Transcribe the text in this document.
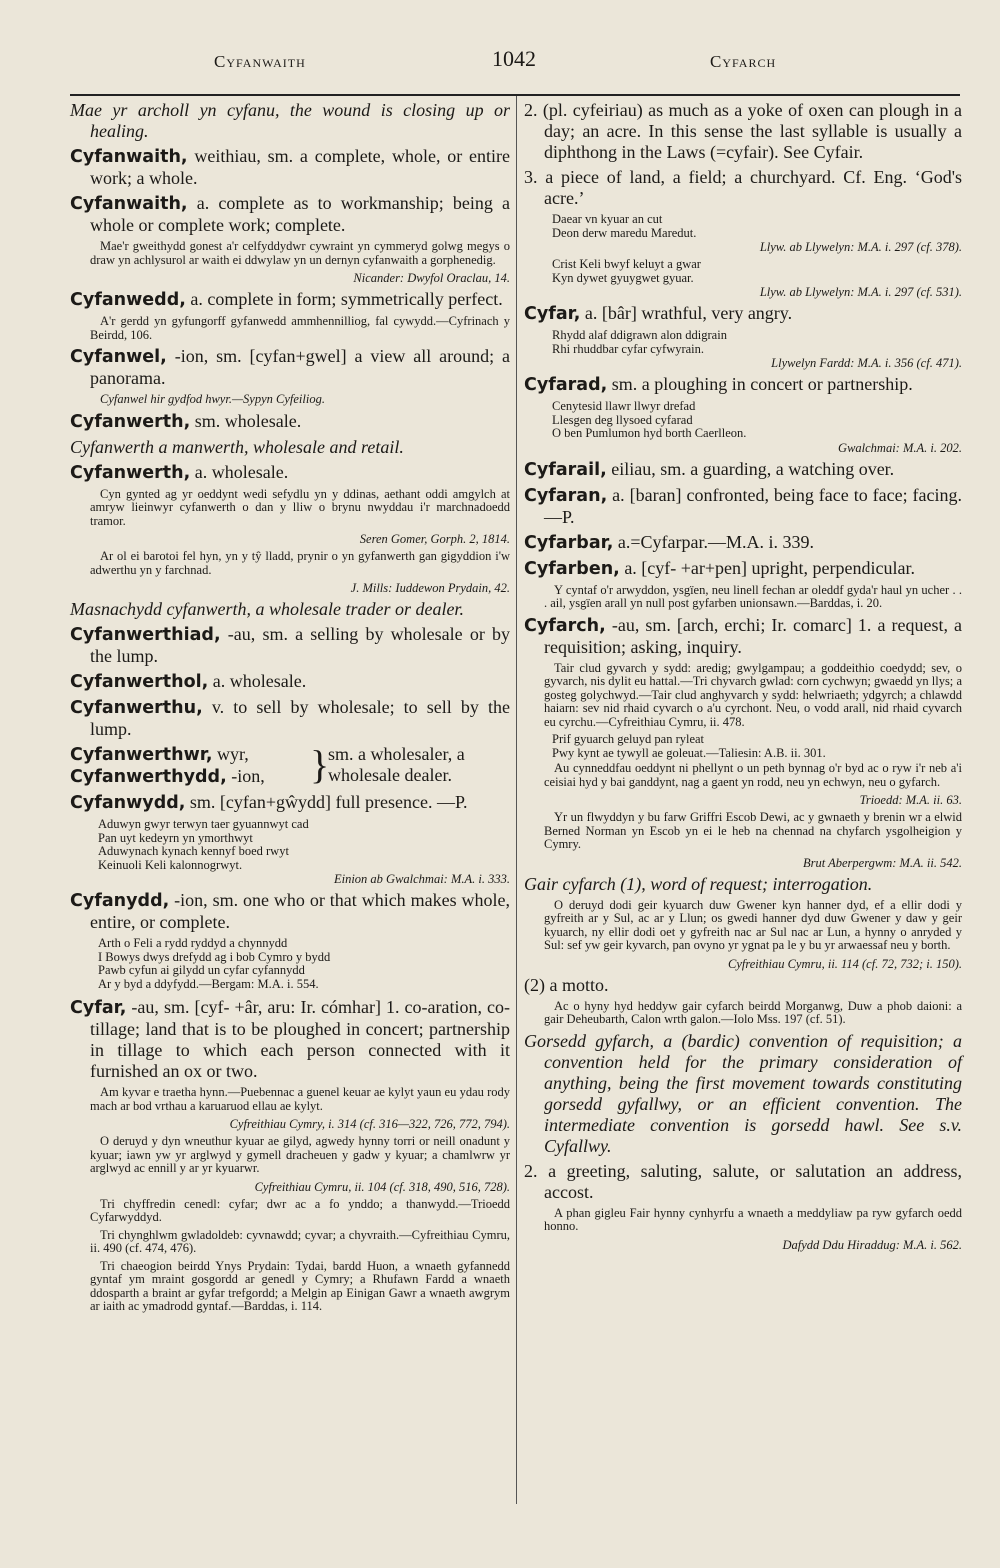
Cyfanwaith	1042	Cyfarch

Mae yr archoll yn cyfanu, the wound is closing up or healing.

Cyfanwaith, weithiau, sm. a complete, whole, or entire work; a whole.

Cyfanwaith, a. complete as to workmanship; being a whole or complete work; complete.

Mae'r gweithydd gonest a'r celfyddydwr cywraint yn cymmeryd golwg megys o draw yn achlysurol ar waith ei ddwylaw yn un dernyn cyfanwaith a gorphenedig.

Nicander: Dwyfol Oraclau, 14.

Cyfanwedd, a. complete in form; symmetrically perfect.

A'r gerdd yn gyfungorff gyfanwedd ammhennilliog, fal cywydd.—Cyfrinach y Beirdd, 106.

Cyfanwel, -ion, sm. [cyfan+gwel] a view all around; a panorama.

Cyfanwel hir gydfod hwyr.—Sypyn Cyfeiliog.

Cyfanwerth, sm. wholesale.

Cyfanwerth a manwerth, wholesale and retail.

Cyfanwerth, a. wholesale.

Cyn gynted ag yr oeddynt wedi sefydlu yn y ddinas, aethant oddi amgylch at amryw lieinwyr cyfanwerth o dan y lliw o brynu nwyddau i'r marchnadoedd tramor.

Seren Gomer, Gorph. 2, 1814.

Ar ol ei barotoi fel hyn, yn y tŷ lladd, prynir o yn gyfanwerth gan gigyddion i'w adwerthu yn y farchnad.

J. Mills: Iuddewon Prydain, 42.

Masnachydd cyfanwerth, a wholesale trader or dealer.

Cyfanwerthiad, -au, sm. a selling by wholesale or by the lump.

Cyfanwerthol, a. wholesale.

Cyfanwerthu, v. to sell by wholesale; to sell by the lump.

Cyfanwerthwr, wyr,
Cyfanwerthydd, -ion,	}
sm. a wholesaler, a wholesale dealer.

Cyfanwydd, sm. [cyfan+gŵydd] full presence. —P.

Aduwyn gwyr terwyn taer gyuannwyt cad
Pan uyt kedeyrn yn ymorthwyt
Aduwynach kynach kennyf boed rwyt
Keinuoli Keli kalonnogrwyt.

Einion ab Gwalchmai: M.A. i. 333.

Cyfanydd, -ion, sm. one who or that which makes whole, entire, or complete.

Arth o Feli a rydd ryddyd a chynnydd
I Bowys dwys drefydd ag i bob Cymro y bydd
Pawb cyfun ai gilydd un cyfar cyfannydd
Ar y byd a ddyfydd.—Bergam: M.A. i. 554.

Cyfar, -au, sm. [cyf- +âr, aru: Ir. cómhar] 1. co-aration, co-tillage; land that is to be ploughed in concert; partnership in tillage to which each person connected with it furnished an ox or two.

Am kyvar e traetha hynn.—Puebennac a guenel keuar ae kylyt yaun eu ydau rody mach ar bod vrthau a karuaruod ellau ae kylyt.

Cyfreithiau Cymry, i. 314 (cf. 316—322, 726, 772, 794).

O deruyd y dyn wneuthur kyuar ae gilyd, agwedy hynny torri or neill onadunt y kyuar; iawn yw yr arglwyd y gymell dracheuen y gadw y kyuar; a chamlwrw yr arglwyd ac ennill y ar yr kyuarwr.

Cyfreithiau Cymru, ii. 104 (cf. 318, 490, 516, 728).

Tri chyffredin cenedl: cyfar; dwr ac a fo ynddo; a thanwydd.—Trioedd Cyfarwyddyd.

Tri chynghlwm gwladoldeb: cyvnawdd; cyvar; a chyvraith.—Cyfreithiau Cymru, ii. 490 (cf. 474, 476).

Tri chaeogion beirdd Ynys Prydain: Tydai, bardd Huon, a wnaeth gyfannedd gyntaf ym mraint gosgordd ar genedl y Cymry; a Rhufawn Fardd a wnaeth ddosparth a braint ar gyfar trefgordd; a Melgin ap Einigan Gawr a wnaeth awgrym ar iaith ac ymadrodd gyntaf.—Barddas, i. 114.

2. (pl. cyfeiriau) as much as a yoke of oxen can plough in a day; an acre. In this sense the last syllable is usually a diphthong in the Laws (=cyfair). See Cyfair.

3. a piece of land, a field; a churchyard. Cf. Eng. ‘God's acre.’

Daear vn kyuar an cut
Deon derw maredu Maredut.

Llyw. ab Llywelyn: M.A. i. 297 (cf. 378).

Crist Keli bwyf keluyt a gwar
Kyn dywet gyuygwet gyuar.

Llyw. ab Llywelyn: M.A. i. 297 (cf. 531).

Cyfar, a. [bâr] wrathful, very angry.

Rhydd alaf ddigrawn alon ddigrain
Rhi rhuddbar cyfar cyfwyrain.

Llywelyn Fardd: M.A. i. 356 (cf. 471).

Cyfarad, sm. a ploughing in concert or partnership.

Cenytesid llawr llwyr drefad
Llesgen deg llysoed cyfarad
O ben Pumlumon hyd borth Caerlleon.

Gwalchmai: M.A. i. 202.

Cyfarail, eiliau, sm. a guarding, a watching over.

Cyfaran, a. [baran] confronted, being face to face; facing.—P.

Cyfarbar, a.=Cyfarpar.—M.A. i. 339.

Cyfarben, a. [cyf- +ar+pen] upright, perpendicular.

Y cyntaf o'r arwyddon, ysgïen, neu linell fechan ar oleddf gyda'r haul yn ucher . . . ail, ysgïen arall yn null post gyfarben unionsawn.—Barddas, i. 20.

Cyfarch, -au, sm. [arch, erchi; Ir. comarc] 1. a request, a requisition; asking, inquiry.

Tair clud gyvarch y sydd: aredig; gwylgampau; a goddeithio coedydd; sev, o gyvarch, nis dylit eu hattal.—Tri chyvarch gwlad: corn cychwyn; gwaedd yn llys; a gosteg golychwyd.—Tair clud anghyvarch y sydd: helwriaeth; ydgyrch; a chlawdd haiarn: sev nid rhaid cyvarch o a'u cyrchont. Neu, o vodd arall, nid rhaid cyvarch eu cyrchu.—Cyfreithiau Cymru, ii. 478.

Prif gyuarch geluyd pan ryleat
Pwy kynt ae tywyll ae goleuat.—Taliesin: A.B. ii. 301.

Au cynneddfau oeddynt ni phellynt o un peth bynnag o'r byd ac o ryw i'r neb a'i ceisiai hyd y bai ganddynt, nag a gaent yn rodd, neu yn echwyn, neu o gyfarch.

Trioedd: M.A. ii. 63.

Yr un flwyddyn y bu farw Griffri Escob Dewi, ac y gwnaeth y brenin wr a elwid Berned Norman yn Escob yn ei le heb na chennad na chyfarch ysgolheigion y Cymry.

Brut Aberpergwm: M.A. ii. 542.

Gair cyfarch (1), word of request; interrogation.

O deruyd dodi geir kyuarch duw Gwener kyn hanner dyd, ef a ellir dodi y gyfreith ar y Sul, ac ar y Llun; os gwedi hanner dyd duw Gwener y daw y geir kyuarch, ny ellir dodi oet y gyfreith nac ar Sul nac ar Lun, a hynny o anryded y Sul: sef yw geir kyvarch, pan ovyno yr ygnat pa le y bu yr arwaessaf neu y borth.

Cyfreithiau Cymru, ii. 114 (cf. 72, 732; i. 150).

(2) a motto.

Ac o hyny hyd heddyw gair cyfarch beirdd Morganwg, Duw a phob daioni: a gair Deheubarth, Calon wrth galon.—Iolo Mss. 197 (cf. 51).

Gorsedd gyfarch, a (bardic) convention of requisition; a convention held for the primary consideration of anything, being the first movement towards constituting gorsedd gyfallwy, or an efficient convention. The intermediate convention is gorsedd hawl. See s.v. Cyfallwy.

2. a greeting, saluting, salute, or salutation an address, accost.

A phan gigleu Fair hynny cynhyrfu a wnaeth a meddyliaw pa ryw gyfarch oedd honno.

Dafydd Ddu Hiraddug: M.A. i. 562.
